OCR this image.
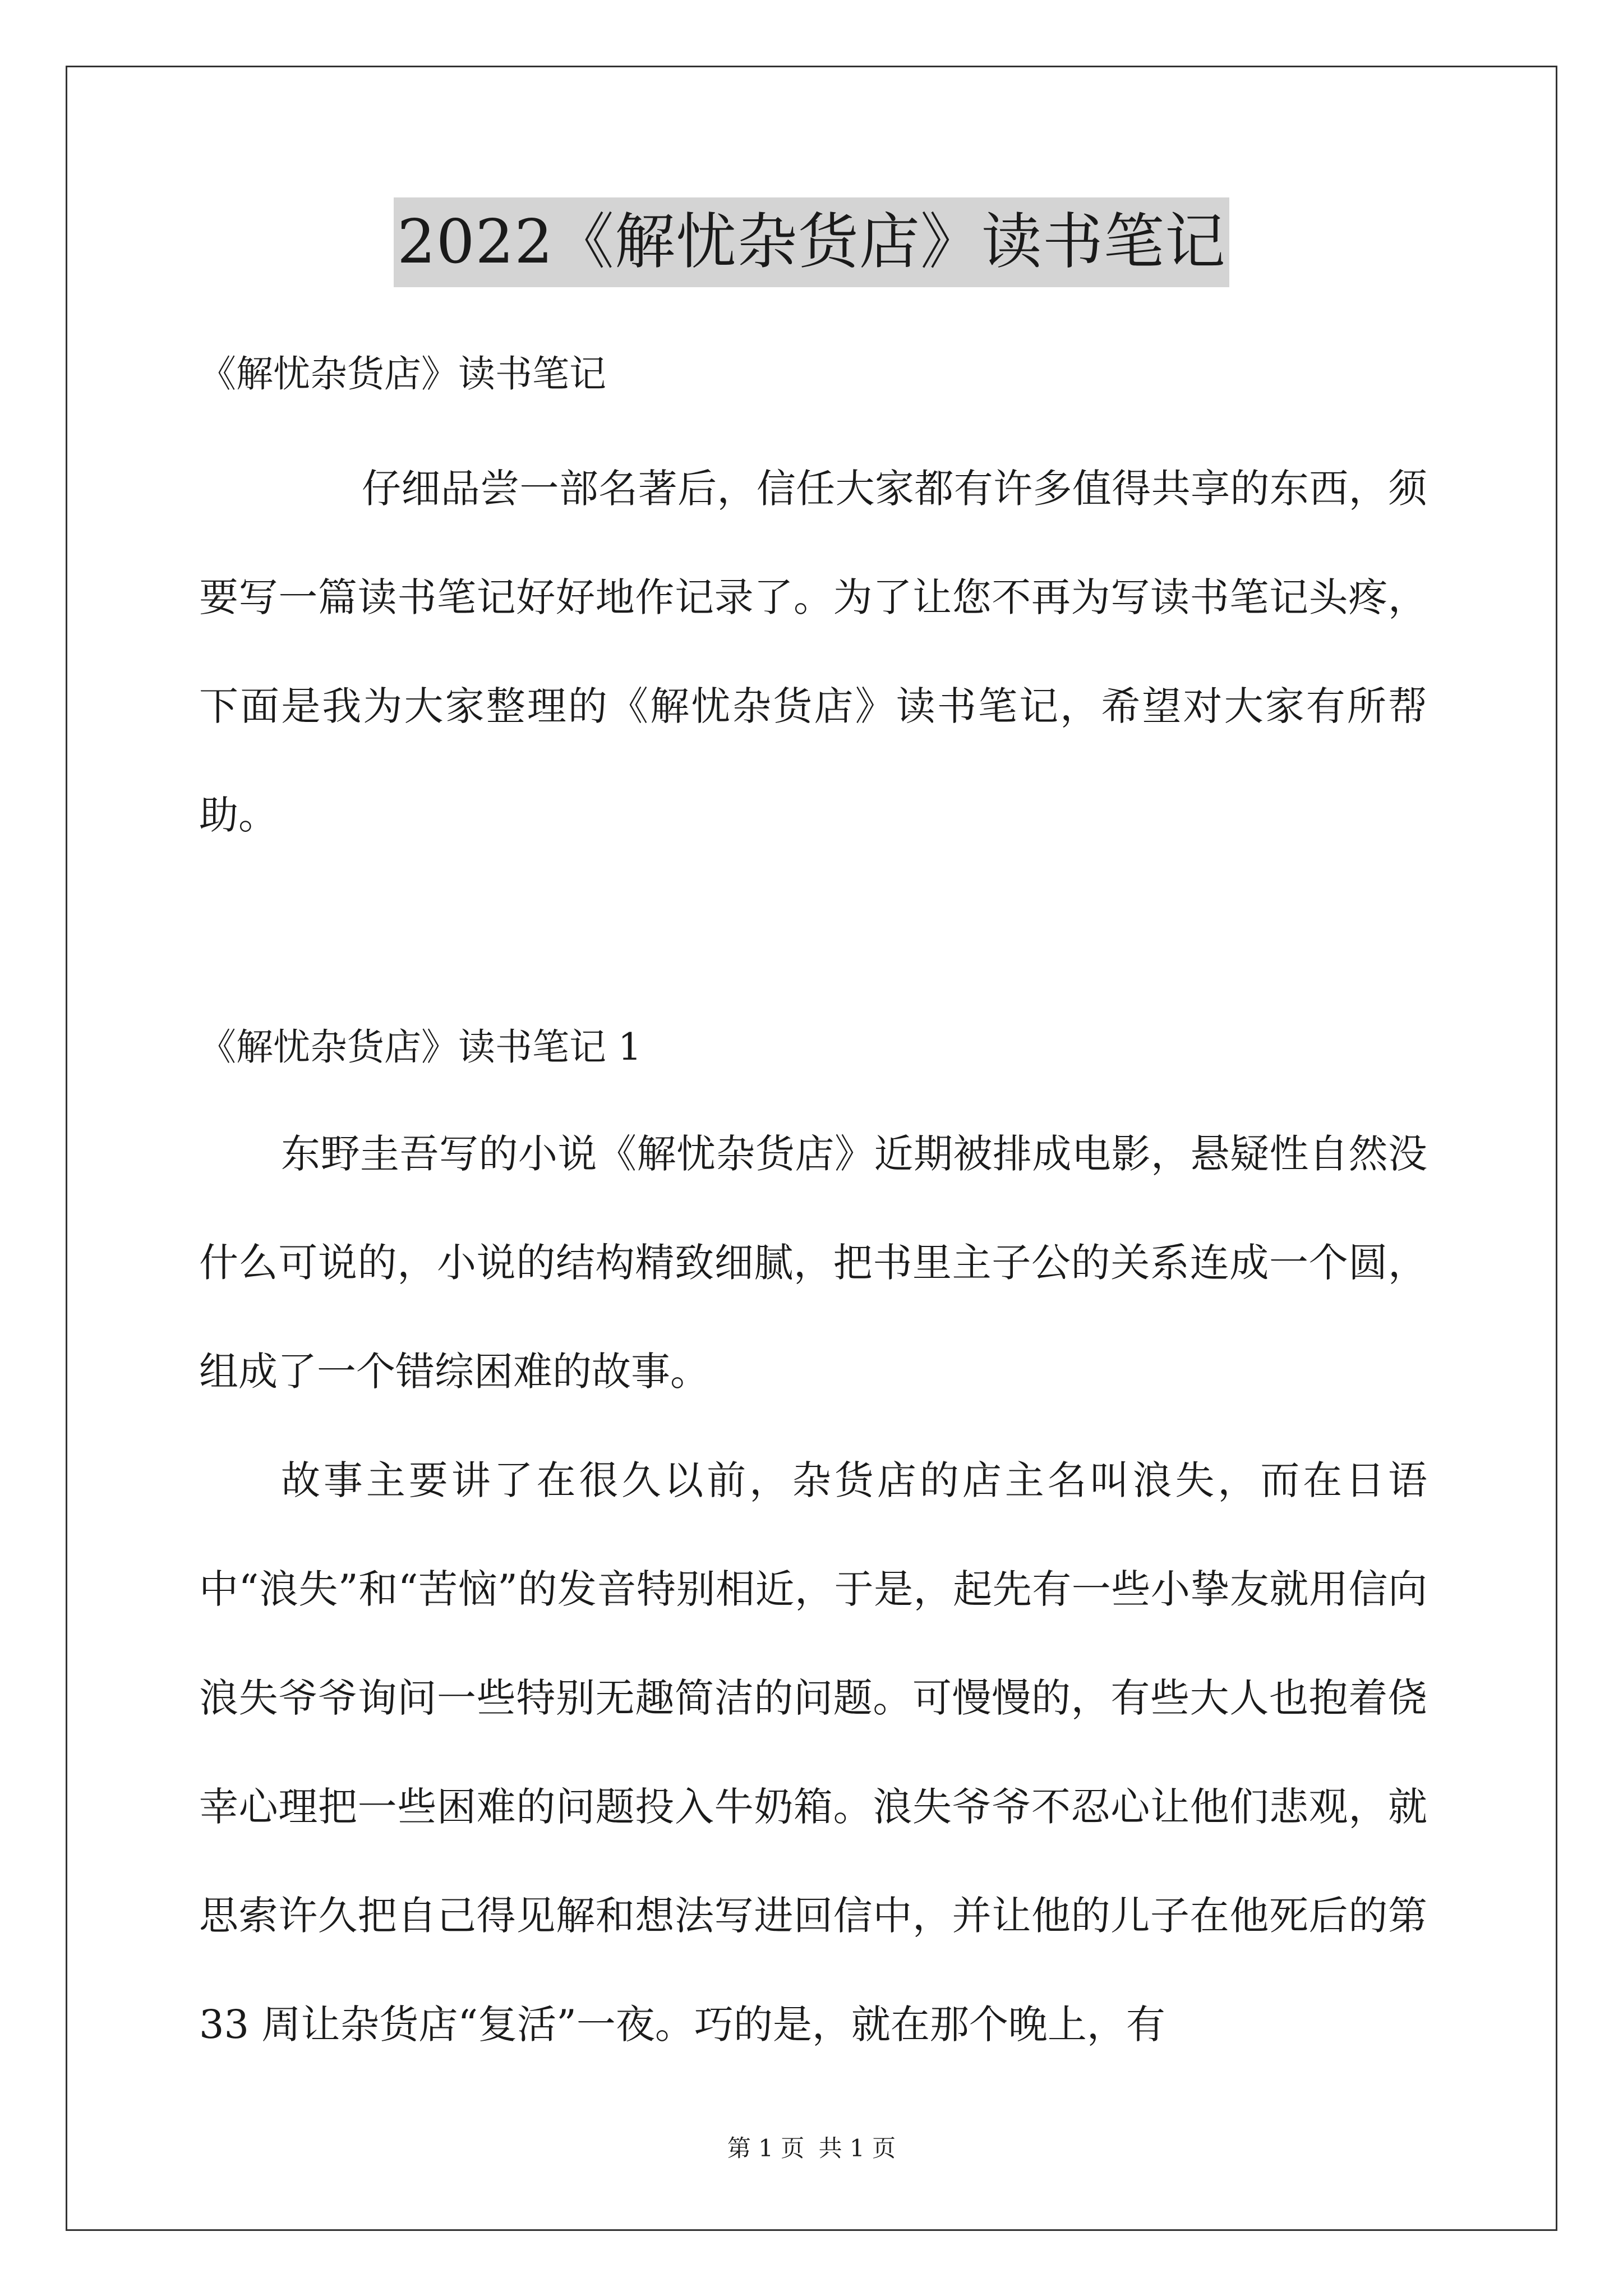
2022《解忧杂货店》读书笔记

《解忧杂货店》读书笔记

仔细品尝一部名著后，信任大家都有许多值得共享的东西，须要写一篇读书笔记好好地作记录了。为了让您不再为写读书笔记头疼，下面是我为大家整理的《解忧杂货店》读书笔记，希望对大家有所帮助。

《解忧杂货店》读书笔记 1

东野圭吾写的小说《解忧杂货店》近期被排成电影，悬疑性自然没什么可说的，小说的结构精致细腻，把书里主子公的关系连成一个圆，组成了一个错综困难的故事。

故事主要讲了在很久以前，杂货店的店主名叫浪失，而在日语中“浪失”和“苦恼”的发音特别相近，于是，起先有一些小挚友就用信向浪失爷爷询问一些特别无趣简洁的问题。可慢慢的，有些大人也抱着侥幸心理把一些困难的问题投入牛奶箱。浪失爷爷不忍心让他们悲观，就思索许久把自己得见解和想法写进回信中，并让他的儿子在他死后的第 33 周让杂货店“复活”一夜。巧的是，就在那个晚上，有

第 1 页 共 1 页
